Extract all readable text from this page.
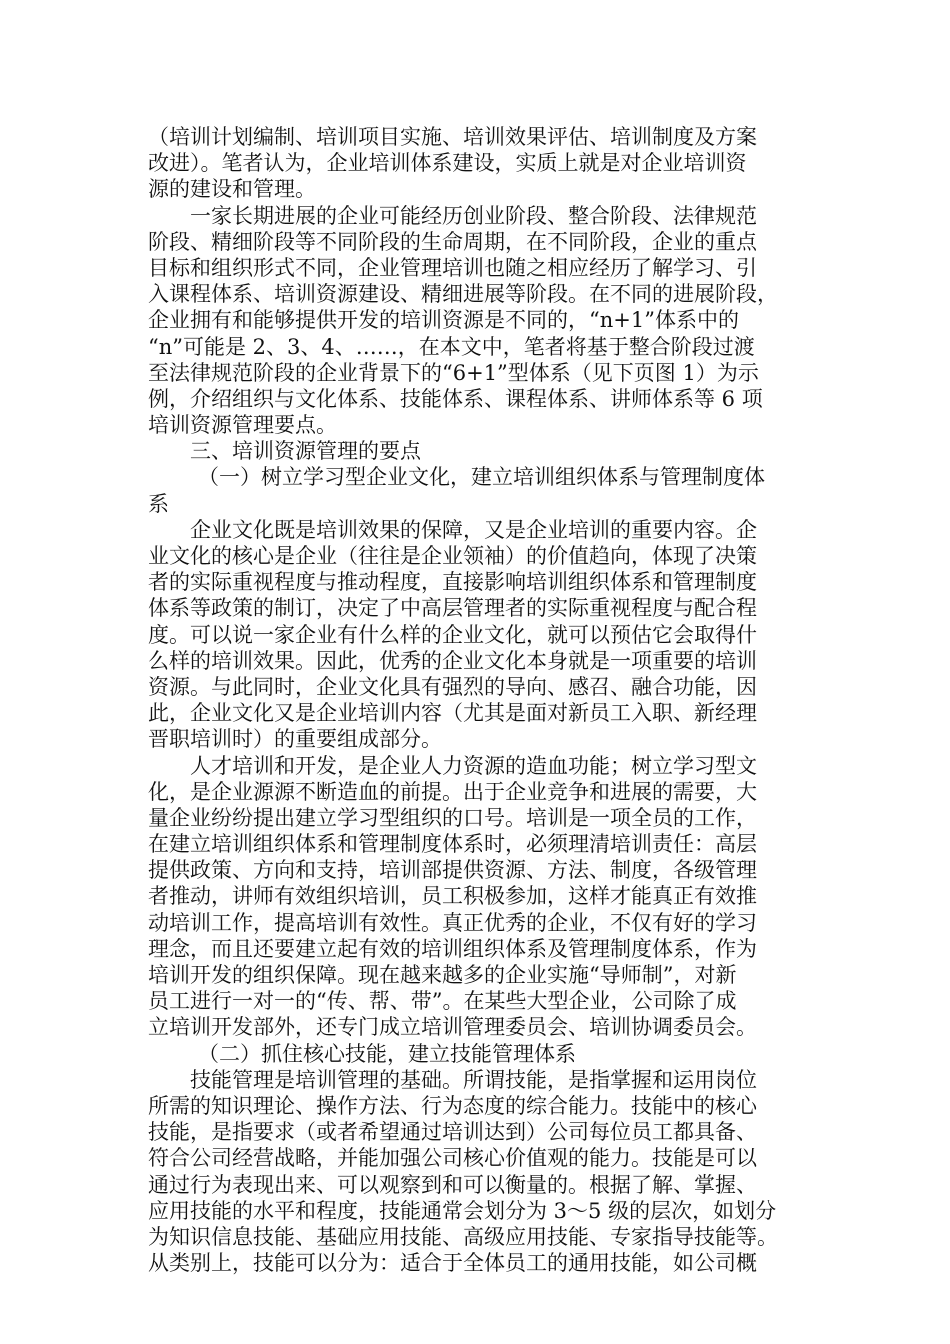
（培训计划编制、培训项目实施、培训效果评估、培训制度及方案
改进）。笔者认为，企业培训体系建设，实质上就是对企业培训资
源的建设和管理。
一家长期进展的企业可能经历创业阶段、整合阶段、法律规范
阶段、精细阶段等不同阶段的生命周期，在不同阶段，企业的重点
目标和组织形式不同，企业管理培训也随之相应经历了解学习、引
入课程体系、培训资源建设、精细进展等阶段。在不同的进展阶段，
企业拥有和能够提供开发的培训资源是不同的，“n+1”体系中的
“n”可能是 2、3、4、……，在本文中，笔者将基于整合阶段过渡
至法律规范阶段的企业背景下的“6+1”型体系（见下页图 1）为示
例，介绍组织与文化体系、技能体系、课程体系、讲师体系等 6 项
培训资源管理要点。
三、培训资源管理的要点
（一）树立学习型企业文化，建立培训组织体系与管理制度体
系
企业文化既是培训效果的保障，又是企业培训的重要内容。企
业文化的核心是企业（往往是企业领袖）的价值趋向，体现了决策
者的实际重视程度与推动程度，直接影响培训组织体系和管理制度
体系等政策的制订，决定了中高层管理者的实际重视程度与配合程
度。可以说一家企业有什么样的企业文化，就可以预估它会取得什
么样的培训效果。因此，优秀的企业文化本身就是一项重要的培训
资源。与此同时，企业文化具有强烈的导向、感召、融合功能，因
此，企业文化又是企业培训内容（尤其是面对新员工入职、新经理
晋职培训时）的重要组成部分。
人才培训和开发，是企业人力资源的造血功能；树立学习型文
化，是企业源源不断造血的前提。出于企业竞争和进展的需要，大
量企业纷纷提出建立学习型组织的口号。培训是一项全员的工作，
在建立培训组织体系和管理制度体系时，必须理清培训责任：高层
提供政策、方向和支持，培训部提供资源、方法、制度，各级管理
者推动，讲师有效组织培训，员工积极参加，这样才能真正有效推
动培训工作，提高培训有效性。真正优秀的企业，不仅有好的学习
理念，而且还要建立起有效的培训组织体系及管理制度体系，作为
培训开发的组织保障。现在越来越多的企业实施“导师制”，对新
员工进行一对一的“传、帮、带”。在某些大型企业，公司除了成
立培训开发部外，还专门成立培训管理委员会、培训协调委员会。
（二）抓住核心技能，建立技能管理体系
技能管理是培训管理的基础。所谓技能，是指掌握和运用岗位
所需的知识理论、操作方法、行为态度的综合能力。技能中的核心
技能，是指要求（或者希望通过培训达到）公司每位员工都具备、
符合公司经营战略，并能加强公司核心价值观的能力。技能是可以
通过行为表现出来、可以观察到和可以衡量的。根据了解、掌握、
应用技能的水平和程度，技能通常会划分为 3～5 级的层次，如划分
为知识信息技能、基础应用技能、高级应用技能、专家指导技能等。
从类别上，技能可以分为：适合于全体员工的通用技能，如公司概
